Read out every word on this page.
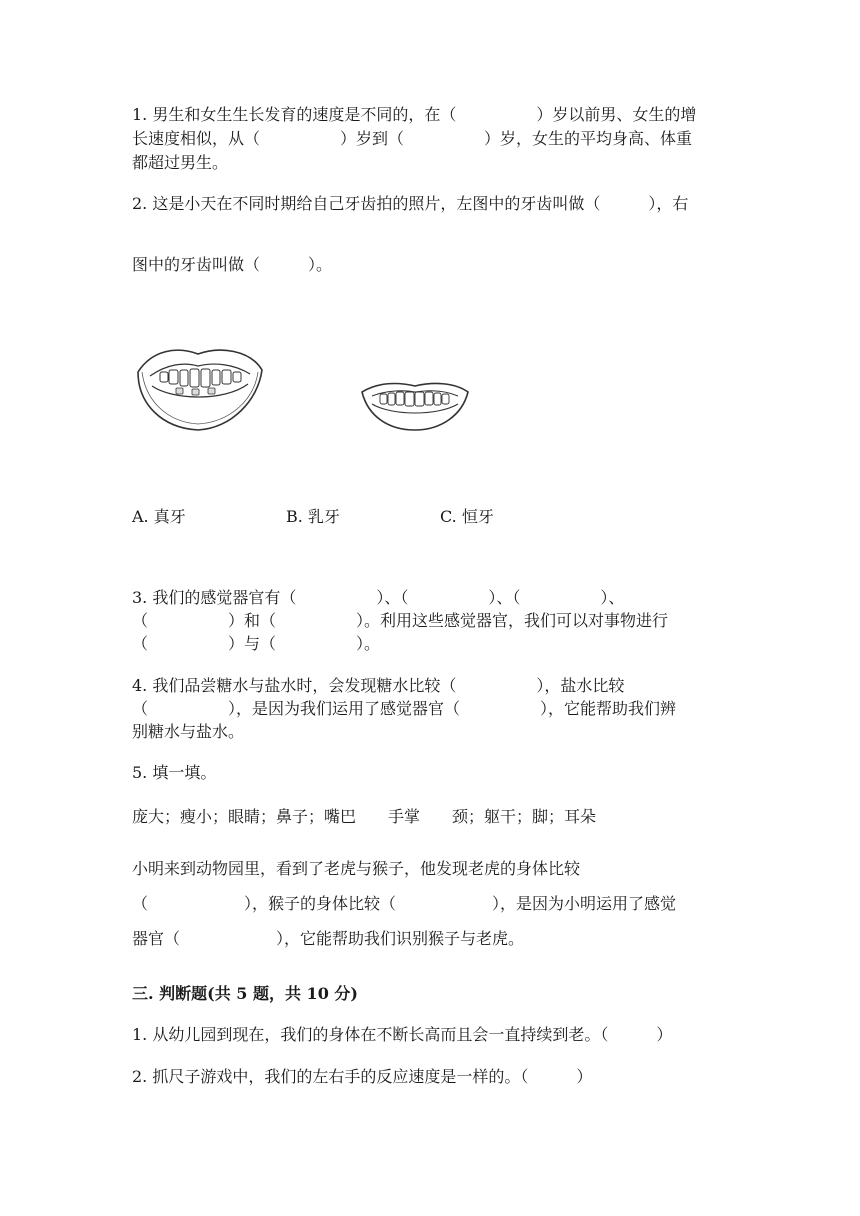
1. 男生和女生生长发育的速度是不同的，在（　　　　　）岁以前男、女生的增
长速度相似，从（　　　　　）岁到（　　　　　）岁，女生的平均身高、体重
都超过男生。
2. 这是小天在不同时期给自己牙齿拍的照片，左图中的牙齿叫做（　　　），右
图中的牙齿叫做（　　　）。
A. 真牙	B. 乳牙	C. 恒牙
3. 我们的感觉器官有（　　　　　）、（　　　　　）、（　　　　　）、
（　　　　　）和（　　　　　）。利用这些感觉器官，我们可以对事物进行
（　　　　　）与（　　　　　）。
4. 我们品尝糖水与盐水时，会发现糖水比较（　　　　　），盐水比较
（　　　　　），是因为我们运用了感觉器官（　　　　　），它能帮助我们辨
别糖水与盐水。
5. 填一填。
庞大；瘦小；眼睛；鼻子；嘴巴　　手掌　　颈；躯干；脚；耳朵
小明来到动物园里，看到了老虎与猴子，他发现老虎的身体比较
（　　　　　　），猴子的身体比较（　　　　　　），是因为小明运用了感觉
器官（　　　　　　），它能帮助我们识别猴子与老虎。
三. 判断题(共 5 题，共 10 分)
1. 从幼儿园到现在，我们的身体在不断长高而且会一直持续到老。（　　　）
2. 抓尺子游戏中，我们的左右手的反应速度是一样的。（　　　）
